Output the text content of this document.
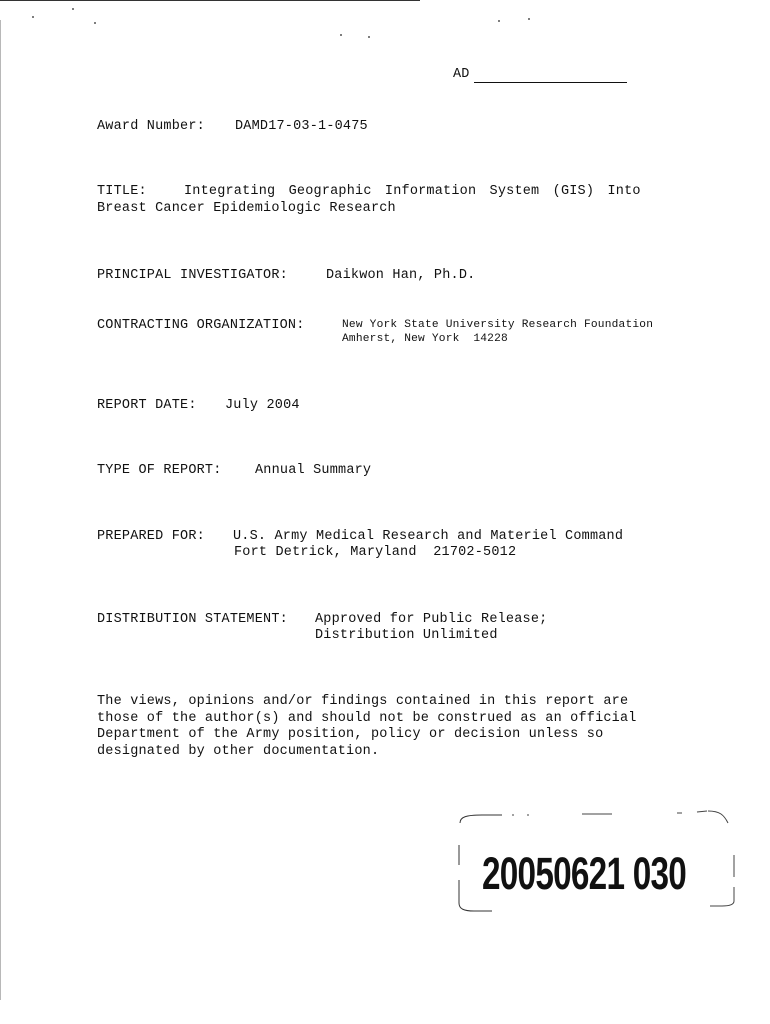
AD
Award Number: DAMD17-03-1-0475
TITLE:	Integrating Geographic Information System (GIS) Into
Breast Cancer Epidemiologic Research
PRINCIPAL INVESTIGATOR:	Daikwon Han, Ph.D.
CONTRACTING ORGANIZATION:	New York State University Research Foundation
Amherst, New York  14228
REPORT DATE: July 2004
TYPE OF REPORT: Annual Summary
PREPARED FOR: U.S. Army Medical Research and Materiel Command
Fort Detrick, Maryland  21702-5012
DISTRIBUTION STATEMENT: Approved for Public Release;
Distribution Unlimited
The views, opinions and/or findings contained in this report are
those of the author(s) and should not be construed as an official
Department of the Army position, policy or decision unless so
designated by other documentation.
20050621 030
